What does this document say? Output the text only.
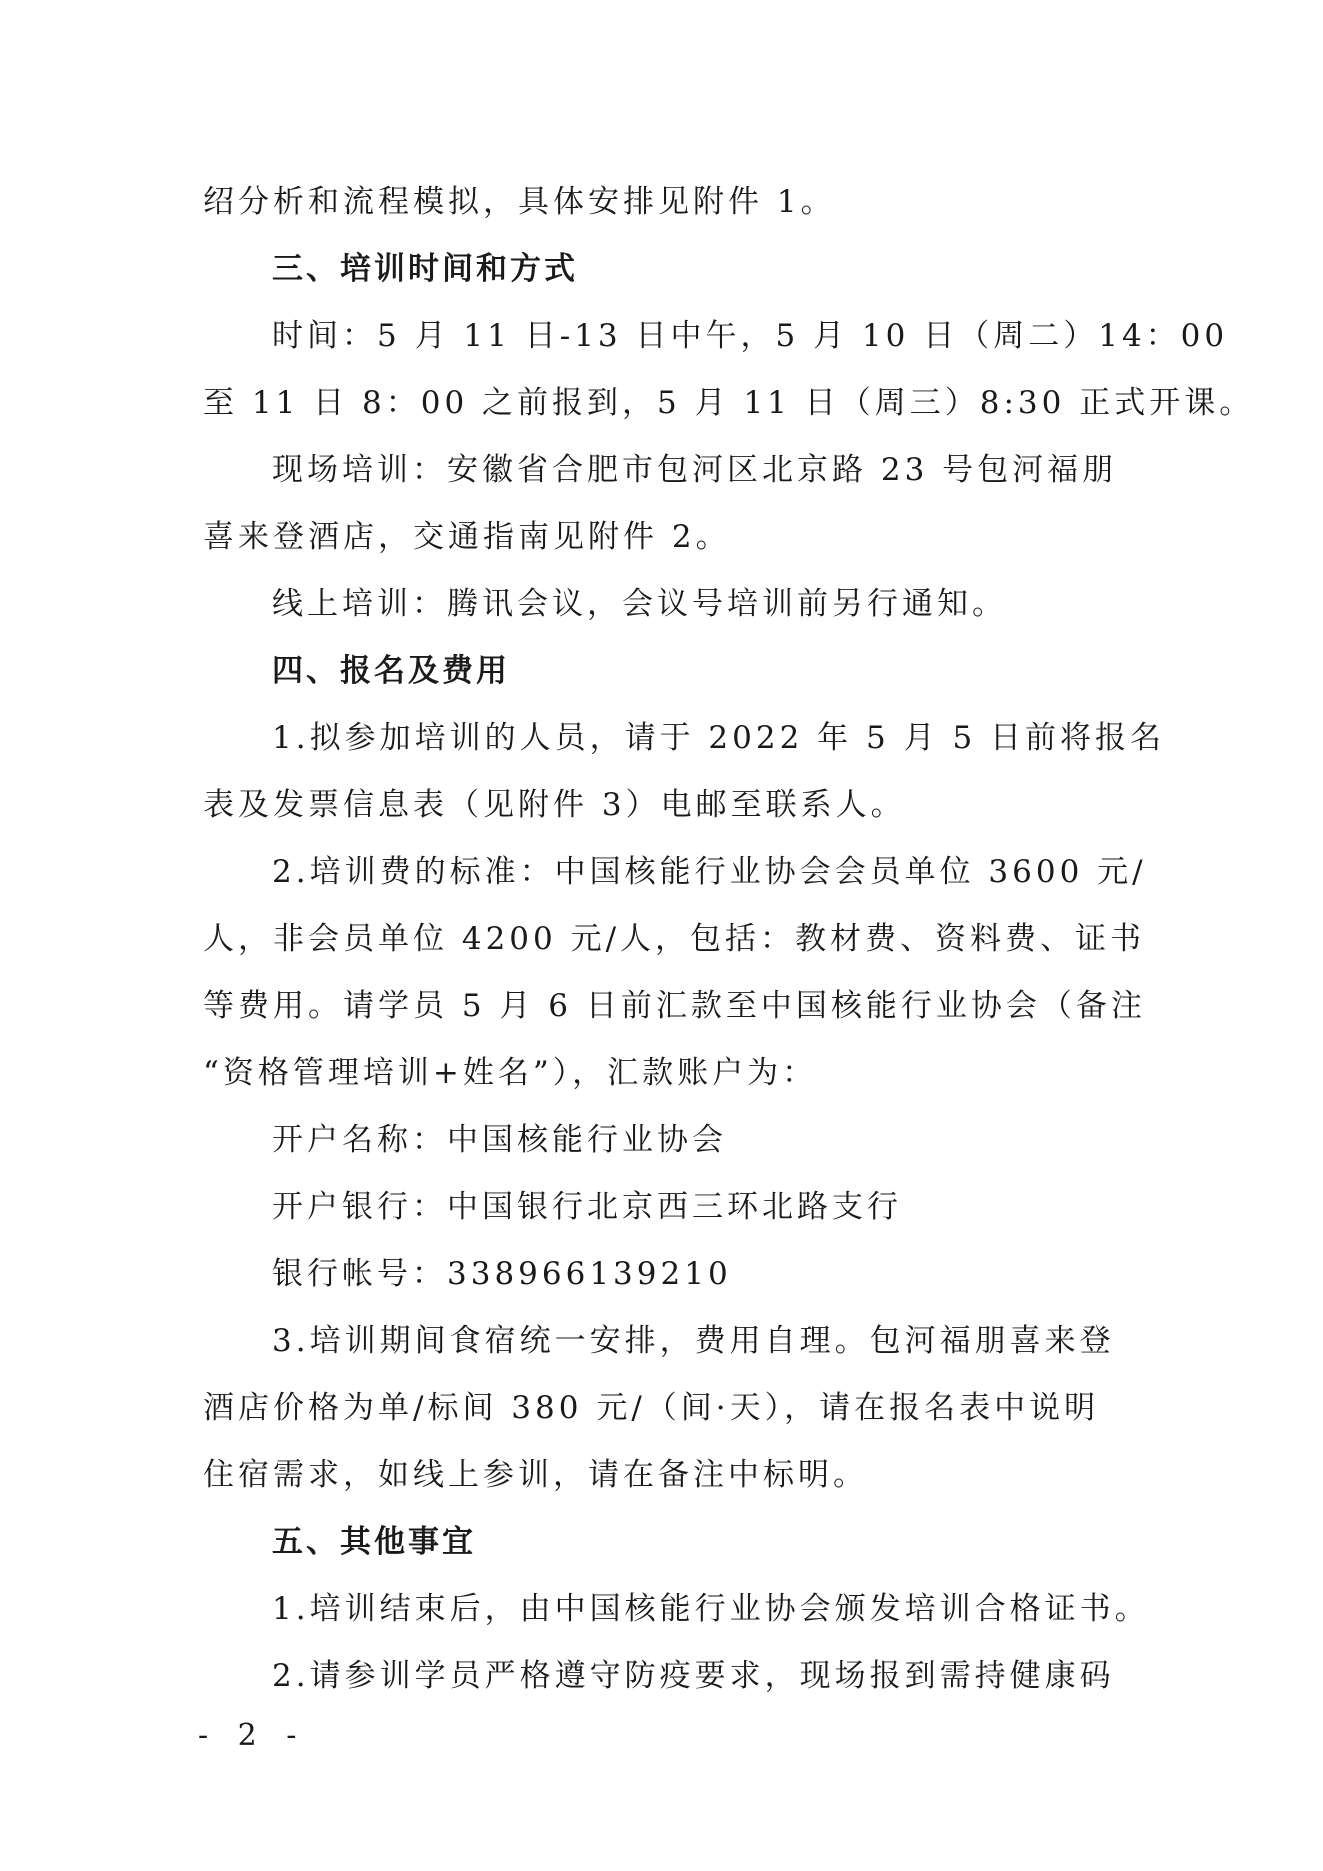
绍分析和流程模拟，具体安排见附件 1。
三、培训时间和方式
时间：5 月 11 日-13 日中午，5 月 10 日（周二）14：00
至 11 日 8：00 之前报到，5 月 11 日（周三）8:30 正式开课。
现场培训：安徽省合肥市包河区北京路 23 号包河福朋
喜来登酒店，交通指南见附件 2。
线上培训：腾讯会议，会议号培训前另行通知。
四、报名及费用
1.拟参加培训的人员，请于 2022 年 5 月 5 日前将报名
表及发票信息表（见附件 3）电邮至联系人。
2.培训费的标准：中国核能行业协会会员单位 3600 元/
人，非会员单位 4200 元/人，包括：教材费、资料费、证书
等费用。请学员 5 月 6 日前汇款至中国核能行业协会（备注
“资格管理培训+姓名”），汇款账户为：
开户名称：中国核能行业协会
开户银行：中国银行北京西三环北路支行
银行帐号：338966139210
3.培训期间食宿统一安排，费用自理。包河福朋喜来登
酒店价格为单/标间 380 元/（间·天），请在报名表中说明
住宿需求，如线上参训，请在备注中标明。
五、其他事宜
1.培训结束后，由中国核能行业协会颁发培训合格证书。
2.请参训学员严格遵守防疫要求，现场报到需持健康码
- 2 -
